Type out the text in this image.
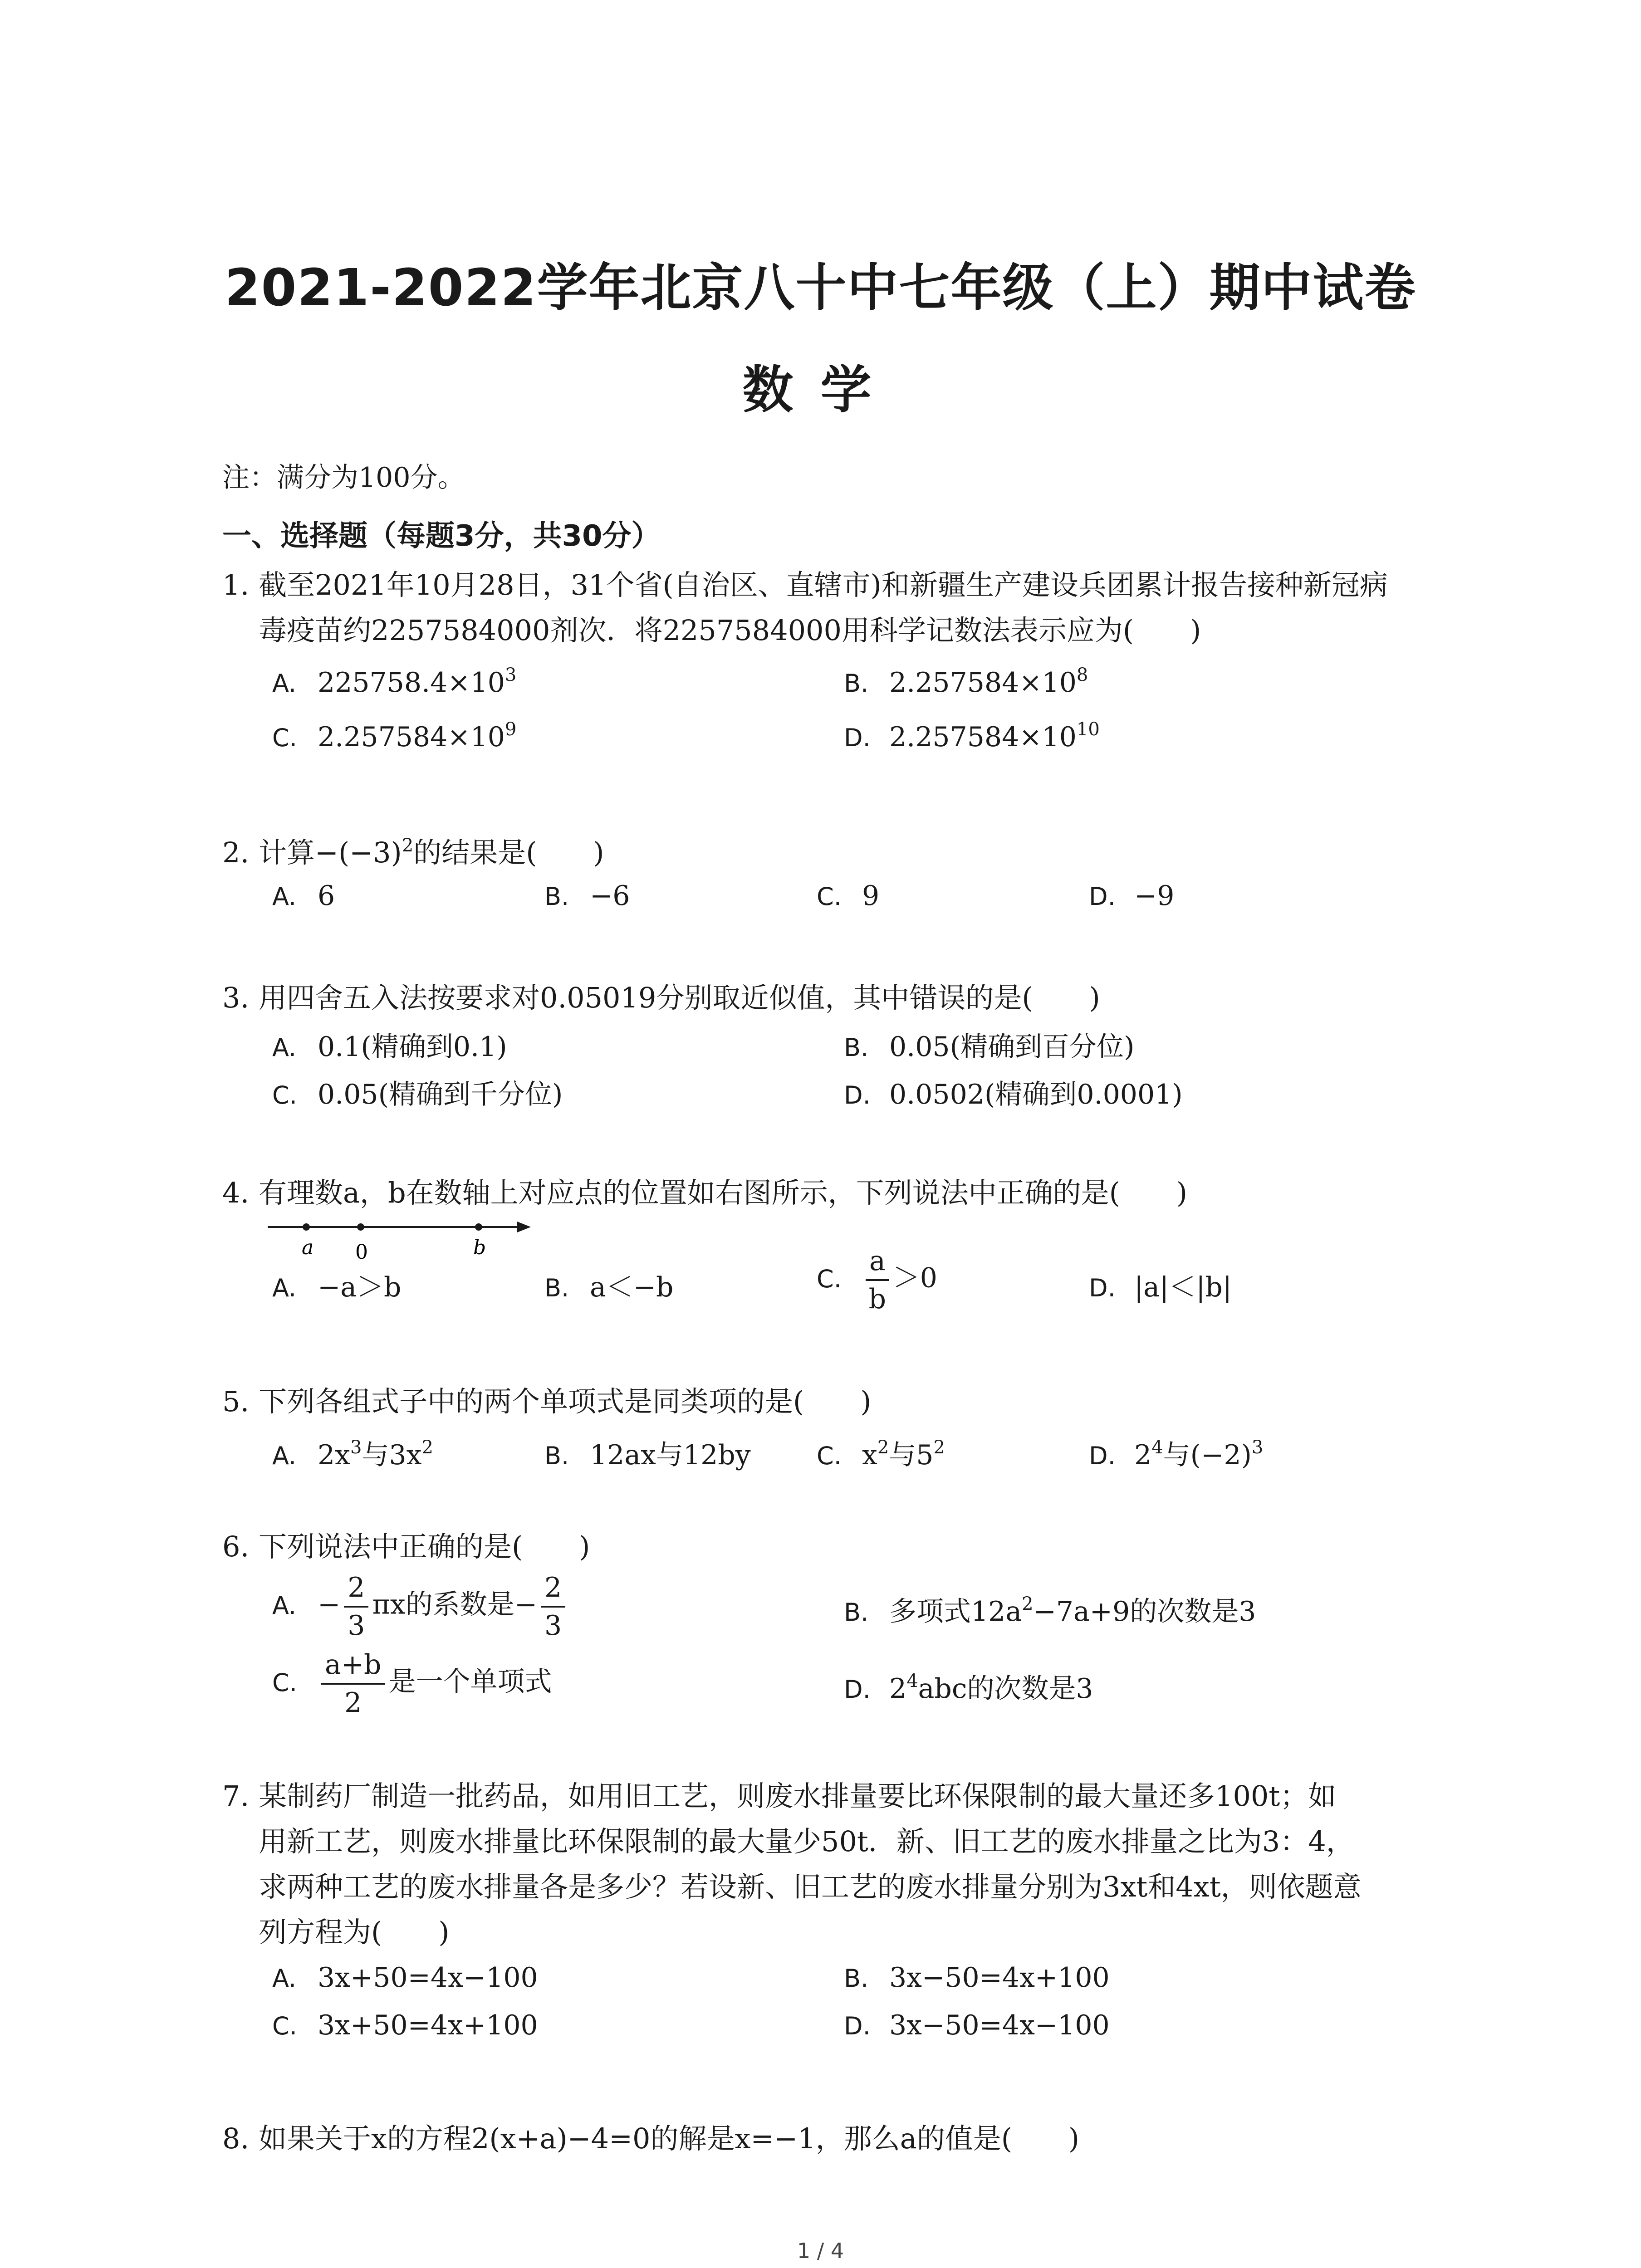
2021-2022学年北京八十中七年级（上）期中试卷
数学
注：满分为100分。
一、选择题（每题3分，共30分）
1. 截至2021年10月28日，31个省(自治区、直辖市)和新疆生产建设兵团累计报告接种新冠病
毒疫苗约2257584000剂次．将2257584000用科学记数法表示应为(　　)
A. $225758.4\times 10^3$	B. $2.257584\times 10^8$
C. $2.257584\times 10^9$	D. $2.257584\times 10^{10}$
2. 计算$-(-3)^2$的结果是(　　)
A. 6	B. −6	C. 9	D. −9
3. 用四舍五入法按要求对0.05019分别取近似值，其中错误的是(　　)
A. 0.1(精确到0.1)	B. 0.05(精确到百分位)
C. 0.05(精确到千分位)	D. 0.0502(精确到0.0001)
4. 有理数a，b在数轴上对应点的位置如右图所示，下列说法中正确的是(　　)
a 0	b
A. −a＞b	B. a＜−b	C. $\frac{a}{b} >0$	D. |a|＜|b|
5. 下列各组式子中的两个单项式是同类项的是(　　)
A. $2x^3$与$3x^2$	B. 12ax与12by	C. $x^2$与$5^2$	D. $2^4$与$(-2)^3$
6. 下列说法中正确的是(　　)
A. − $\frac{2}{3}$ πx的系数是− $\frac{2}{3}$	B. 多项式$12a^2-7a+9$的次数是3
C. $\frac{a+b}{2}$ 是一个单项式	D. $2^4abc$的次数是3
7. 某制药厂制造一批药品，如用旧工艺，则废水排量要比环保限制的最大量还多100t；如
用新工艺，则废水排量比环保限制的最大量少50t．新、旧工艺的废水排量之比为3：4，
求两种工艺的废水排量各是多少？若设新、旧工艺的废水排量分别为3xt和4xt，则依题意
列方程为(　　)
A. 3x+50=4x−100	B. 3x−50=4x+100
C. 3x+50=4x+100	D. 3x−50=4x−100
8. 如果关于x的方程2(x+a)−4=0的解是x=−1，那么a的值是(　　)
1 / 4
